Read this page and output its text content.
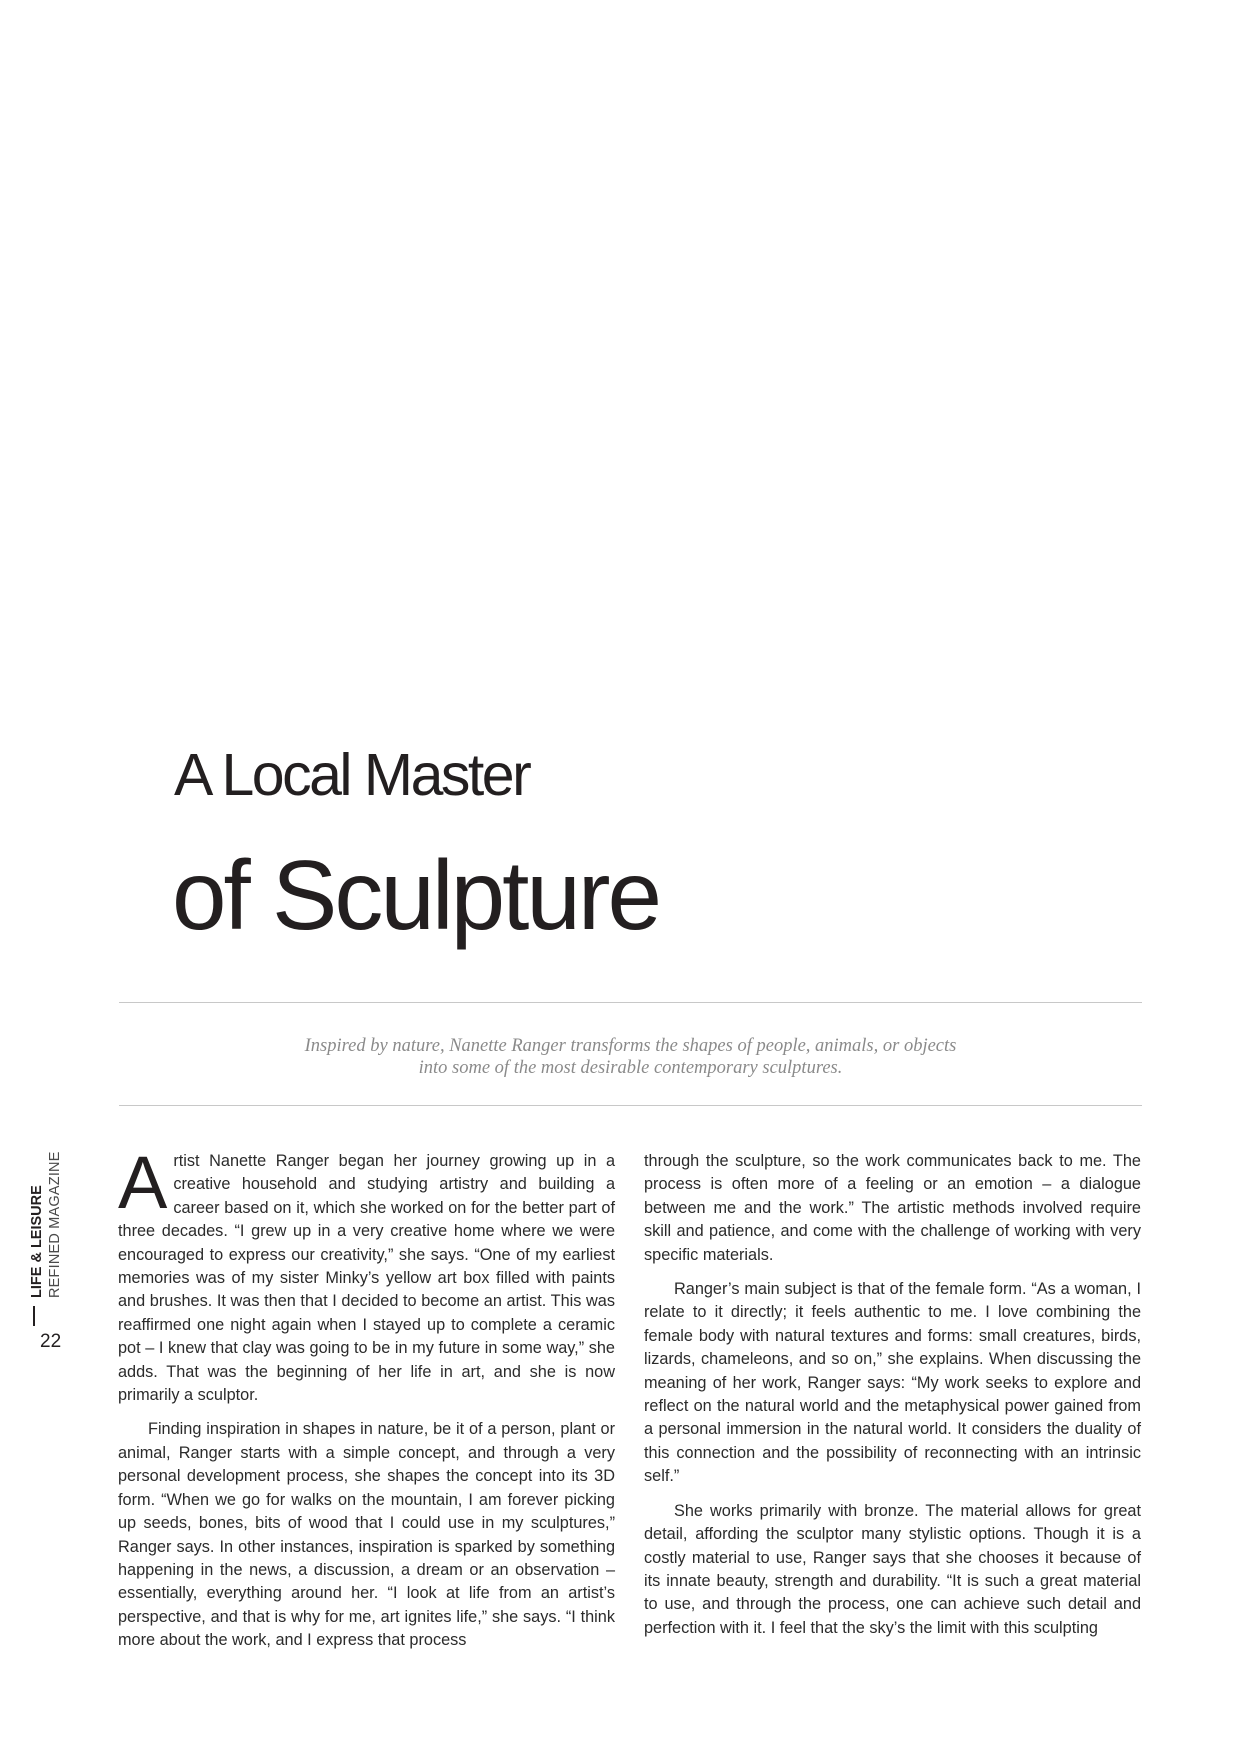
A Local Master
of Sculpture
Inspired by nature, Nanette Ranger transforms the shapes of people, animals, or objects
into some of the most desirable contemporary sculptures.
LIFE & LEISURE REFINED MAGAZINE
22

Artist Nanette Ranger began her journey growing up in a creative household and studying artistry and building a career based on it, which she worked on for the better part of three decades. “I grew up in a very creative home where we were encouraged to express our creativity,” she says. “One of my earliest memories was of my sister Minky’s yellow art box filled with paints and brushes. It was then that I decided to become an artist. This was reaffirmed one night again when I stayed up to complete a ceramic pot – I knew that clay was going to be in my future in some way,” she adds. That was the beginning of her life in art, and she is now primarily a sculptor.

Finding inspiration in shapes in nature, be it of a person, plant or animal, Ranger starts with a simple concept, and through a very personal development process, she shapes the concept into its 3D form. “When we go for walks on the mountain, I am forever picking up seeds, bones, bits of wood that I could use in my sculptures,” Ranger says. In other instances, inspiration is sparked by something happening in the news, a discussion, a dream or an observation – essentially, everything around her. “I look at life from an artist’s perspective, and that is why for me, art ignites life,” she says. “I think more about the work, and I express that process

through the sculpture, so the work communicates back to me. The process is often more of a feeling or an emotion – a dialogue between me and the work.” The artistic methods involved require skill and patience, and come with the challenge of working with very specific materials.

Ranger’s main subject is that of the female form. “As a woman, I relate to it directly; it feels authentic to me. I love combining the female body with natural textures and forms: small creatures, birds, lizards, chameleons, and so on,” she explains. When discussing the meaning of her work, Ranger says: “My work seeks to explore and reflect on the natural world and the metaphysical power gained from a personal immersion in the natural world. It considers the duality of this connection and the possibility of reconnecting with an intrinsic self.”

She works primarily with bronze. The material allows for great detail, affording the sculptor many stylistic options. Though it is a costly material to use, Ranger says that she chooses it because of its innate beauty, strength and durability. “It is such a great material to use, and through the process, one can achieve such detail and perfection with it. I feel that the sky’s the limit with this sculpting
